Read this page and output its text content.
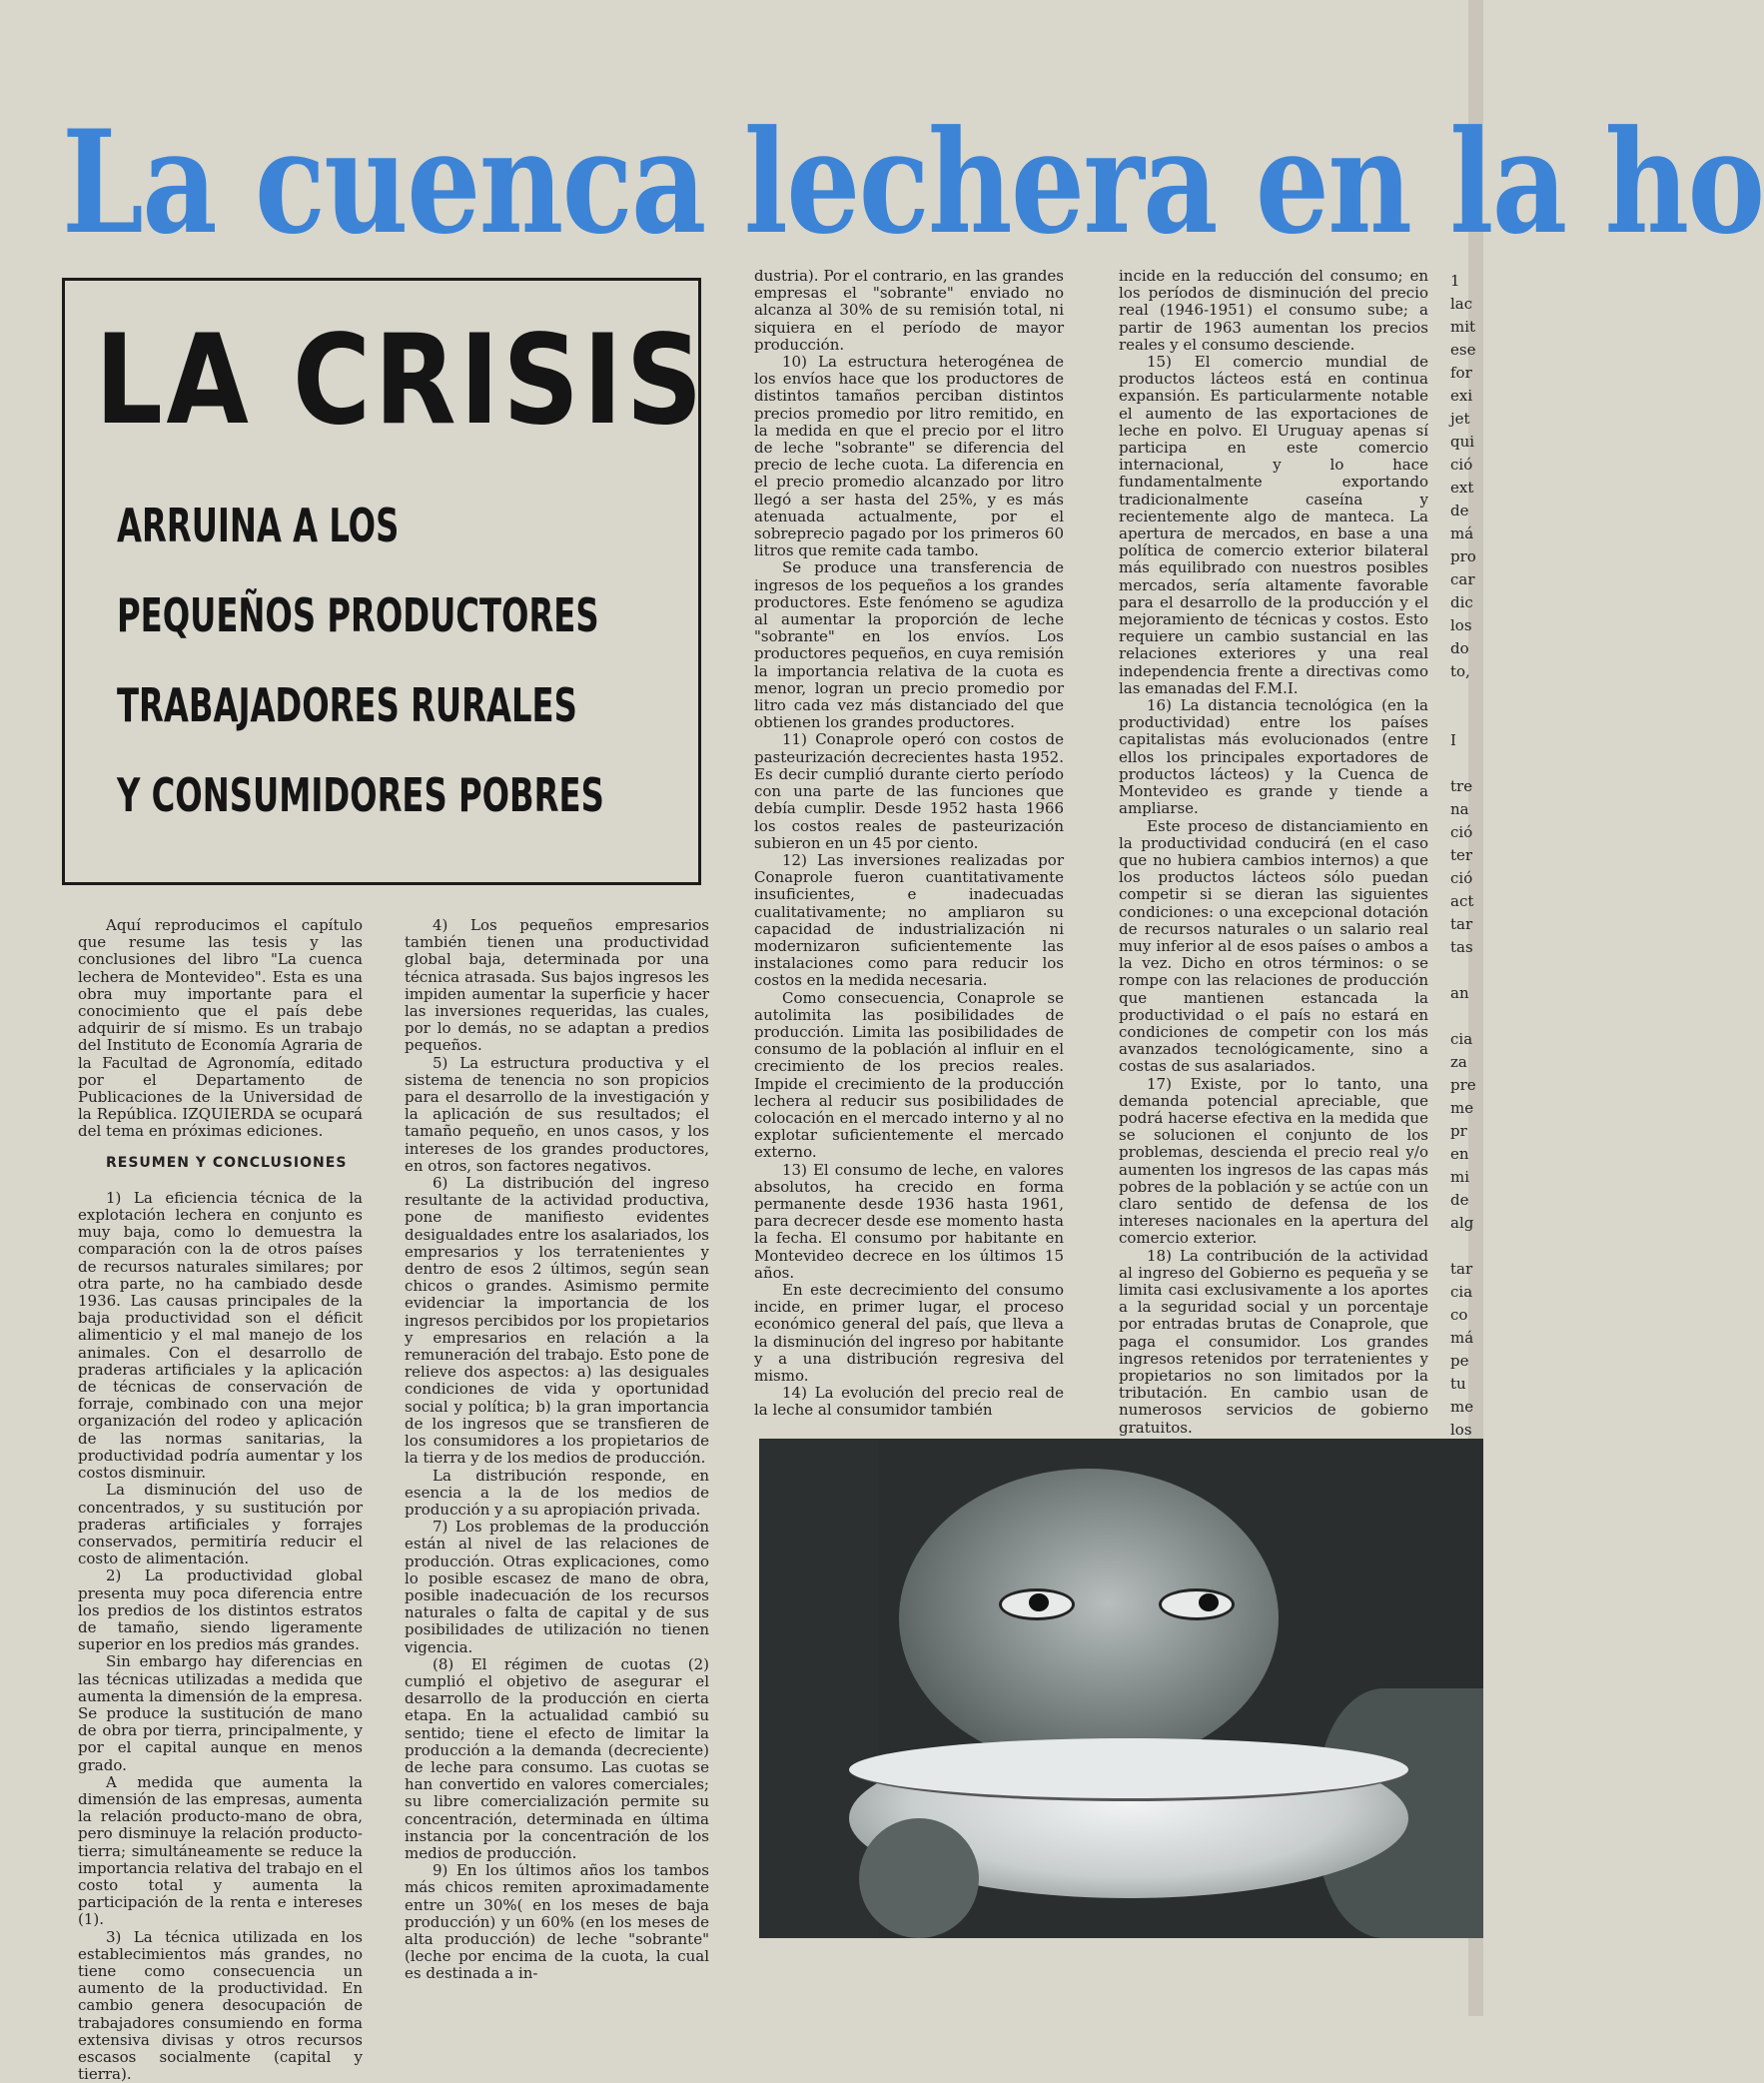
La cuenca lechera en la ho
LA CRISIS
ARRUINA A LOS
PEQUEÑOS PRODUCTORES
TRABAJADORES RURALES
Y CONSUMIDORES POBRES

Aquí reproducimos el capítulo que resume las tesis y las conclusiones del libro "La cuenca lechera de Montevideo". Esta es una obra muy importante para el conocimiento que el país debe adquirir de sí mismo. Es un trabajo del Instituto de Economía Agraria de la Facultad de Agronomía, editado por el Departamento de Publicaciones de la Universidad de la República. IZQUIERDA se ocupará del tema en próximas ediciones.

RESUMEN Y CONCLUSIONES

1) La eficiencia técnica de la explotación lechera en conjunto es muy baja, como lo demuestra la comparación con la de otros países de recursos naturales similares; por otra parte, no ha cambiado desde 1936. Las causas principales de la baja productividad son el déficit alimenticio y el mal manejo de los animales. Con el desarrollo de praderas artificiales y la aplicación de técnicas de conservación de forraje, combinado con una mejor organización del rodeo y aplicación de las normas sanitarias, la productividad podría aumentar y los costos disminuir.

La disminución del uso de concentrados, y su sustitución por praderas artificiales y forrajes conservados, permitiría reducir el costo de alimentación.

2) La productividad global presenta muy poca diferencia entre los predios de los distintos estratos de tamaño, siendo ligeramente superior en los predios más grandes.

Sin embargo hay diferencias en las técnicas utilizadas a medida que aumenta la dimensión de la empresa. Se produce la sustitución de mano de obra por tierra, principalmente, y por el capital aunque en menos grado.

A medida que aumenta la dimensión de las empresas, aumenta la relación producto-mano de obra, pero disminuye la relación producto-tierra; simultáneamente se reduce la importancia relativa del trabajo en el costo total y aumenta la participación de la renta e intereses (1).

3) La técnica utilizada en los establecimientos más grandes, no tiene como consecuencia un aumento de la productividad. En cambio genera desocupación de trabajadores consumiendo en forma extensiva divisas y otros recursos escasos socialmente (capital y tierra).

4) Los pequeños empresarios también tienen una productividad global baja, determinada por una técnica atrasada. Sus bajos ingresos les impiden aumentar la superficie y hacer las inversiones requeridas, las cuales, por lo demás, no se adaptan a predios pequeños.

5) La estructura productiva y el sistema de tenencia no son propicios para el desarrollo de la investigación y la aplicación de sus resultados; el tamaño pequeño, en unos casos, y los intereses de los grandes productores, en otros, son factores negativos.

6) La distribución del ingreso resultante de la actividad productiva, pone de manifiesto evidentes desigualdades entre los asalariados, los empresarios y los terratenientes y dentro de esos 2 últimos, según sean chicos o grandes. Asimismo permite evidenciar la importancia de los ingresos percibidos por los propietarios y empresarios en relación a la remuneración del trabajo. Esto pone de relieve dos aspectos: a) las desiguales condiciones de vida y oportunidad social y política; b) la gran importancia de los ingresos que se transfieren de los consumidores a los propietarios de la tierra y de los medios de producción.

La distribución responde, en esencia a la de los medios de producción y a su apropiación privada.

7) Los problemas de la producción están al nivel de las relaciones de producción. Otras explicaciones, como lo posible escasez de mano de obra, posible inadecuación de los recursos naturales o falta de capital y de sus posibilidades de utilización no tienen vigencia.

(8) El régimen de cuotas (2) cumplió el objetivo de asegurar el desarrollo de la producción en cierta etapa. En la actualidad cambió su sentido; tiene el efecto de limitar la producción a la demanda (decreciente) de leche para consumo. Las cuotas se han convertido en valores comerciales; su libre comercialización permite su concentración, determinada en última instancia por la concentración de los medios de producción.

9) En los últimos años los tambos más chicos remiten aproximadamente entre un 30%( en los meses de baja producción) y un 60% (en los meses de alta producción) de leche "sobrante" (leche por encima de la cuota, la cual es destinada a in-

dustria). Por el contrario, en las grandes empresas el "sobrante" enviado no alcanza al 30% de su remisión total, ni siquiera en el período de mayor producción.

10) La estructura heterogénea de los envíos hace que los productores de distintos tamaños perciban distintos precios promedio por litro remitido, en la medida en que el precio por el litro de leche "sobrante" se diferencia del precio de leche cuota. La diferencia en el precio promedio alcanzado por litro llegó a ser hasta del 25%, y es más atenuada actualmente, por el sobreprecio pagado por los primeros 60 litros que remite cada tambo.

Se produce una transferencia de ingresos de los pequeños a los grandes productores. Este fenómeno se agudiza al aumentar la proporción de leche "sobrante" en los envíos. Los productores pequeños, en cuya remisión la importancia relativa de la cuota es menor, logran un precio promedio por litro cada vez más distanciado del que obtienen los grandes productores.

11) Conaprole operó con costos de pasteurización decrecientes hasta 1952. Es decir cumplió durante cierto período con una parte de las funciones que debía cumplir. Desde 1952 hasta 1966 los costos reales de pasteurización subieron en un 45 por ciento.

12) Las inversiones realizadas por Conaprole fueron cuantitativamente insuficientes, e inadecuadas cualitativamente; no ampliaron su capacidad de industrialización ni modernizaron suficientemente las instalaciones como para reducir los costos en la medida necesaria.

Como consecuencia, Conaprole se autolimita las posibilidades de producción. Limita las posibilidades de consumo de la población al influir en el crecimiento de los precios reales. Impide el crecimiento de la producción lechera al reducir sus posibilidades de colocación en el mercado interno y al no explotar suficientemente el mercado externo.

13) El consumo de leche, en valores absolutos, ha crecido en forma permanente desde 1936 hasta 1961, para decrecer desde ese momento hasta la fecha. El consumo por habitante en Montevideo decrece en los últimos 15 años.

En este decrecimiento del consumo incide, en primer lugar, el proceso económico general del país, que lleva a la disminución del ingreso por habitante y a una distribución regresiva del mismo.

14) La evolución del precio real de la leche al consumidor también

incide en la reducción del consumo; en los períodos de disminución del precio real (1946-1951) el consumo sube; a partir de 1963 aumentan los precios reales y el consumo desciende.

15) El comercio mundial de productos lácteos está en continua expansión. Es particularmente notable el aumento de las exportaciones de leche en polvo. El Uruguay apenas sí participa en este comercio internacional, y lo hace fundamentalmente exportando tradicionalmente caseína y recientemente algo de manteca. La apertura de mercados, en base a una política de comercio exterior bilateral más equilibrado con nuestros posibles mercados, sería altamente favorable para el desarrollo de la producción y el mejoramiento de técnicas y costos. Esto requiere un cambio sustancial en las relaciones exteriores y una real independencia frente a directivas como las emanadas del F.M.I.

16) La distancia tecnológica (en la productividad) entre los países capitalistas más evolucionados (entre ellos los principales exportadores de productos lácteos) y la Cuenca de Montevideo es grande y tiende a ampliarse.

Este proceso de distanciamiento en la productividad conducirá (en el caso que no hubiera cambios internos) a que los productos lácteos sólo puedan competir si se dieran las siguientes condiciones: o una excepcional dotación de recursos naturales o un salario real muy inferior al de esos países o ambos a la vez. Dicho en otros términos: o se rompe con las relaciones de producción que mantienen estancada la productividad o el país no estará en condiciones de competir con los más avanzados tecnológicamente, sino a costas de sus asalariados.

17) Existe, por lo tanto, una demanda potencial apreciable, que podrá hacerse efectiva en la medida que se solucionen el conjunto de los problemas, descienda el precio real y/o aumenten los ingresos de las capas más pobres de la población y se actúe con un claro sentido de defensa de los intereses nacionales en la apertura del comercio exterior.

18) La contribución de la actividad al ingreso del Gobierno es pequeña y se limita casi exclusivamente a los aportes a la seguridad social y un porcentaje por entradas brutas de Conaprole, que paga el consumidor. Los grandes ingresos retenidos por terratenientes y propietarios no son limitados por la tributación. En cambio usan de numerosos servicios de gobierno gratuitos.

1
lac
mit
ese
for
exi
jet
qui
ció
ext
de
má
pro
car
dic
los
do
to,

I

tre
na
ció
ter
ció
act
tar
tas

an

cia
za
pre
me
pr
en
mi
de
alg

tar
cia
co
má
pe
tu
me
los
